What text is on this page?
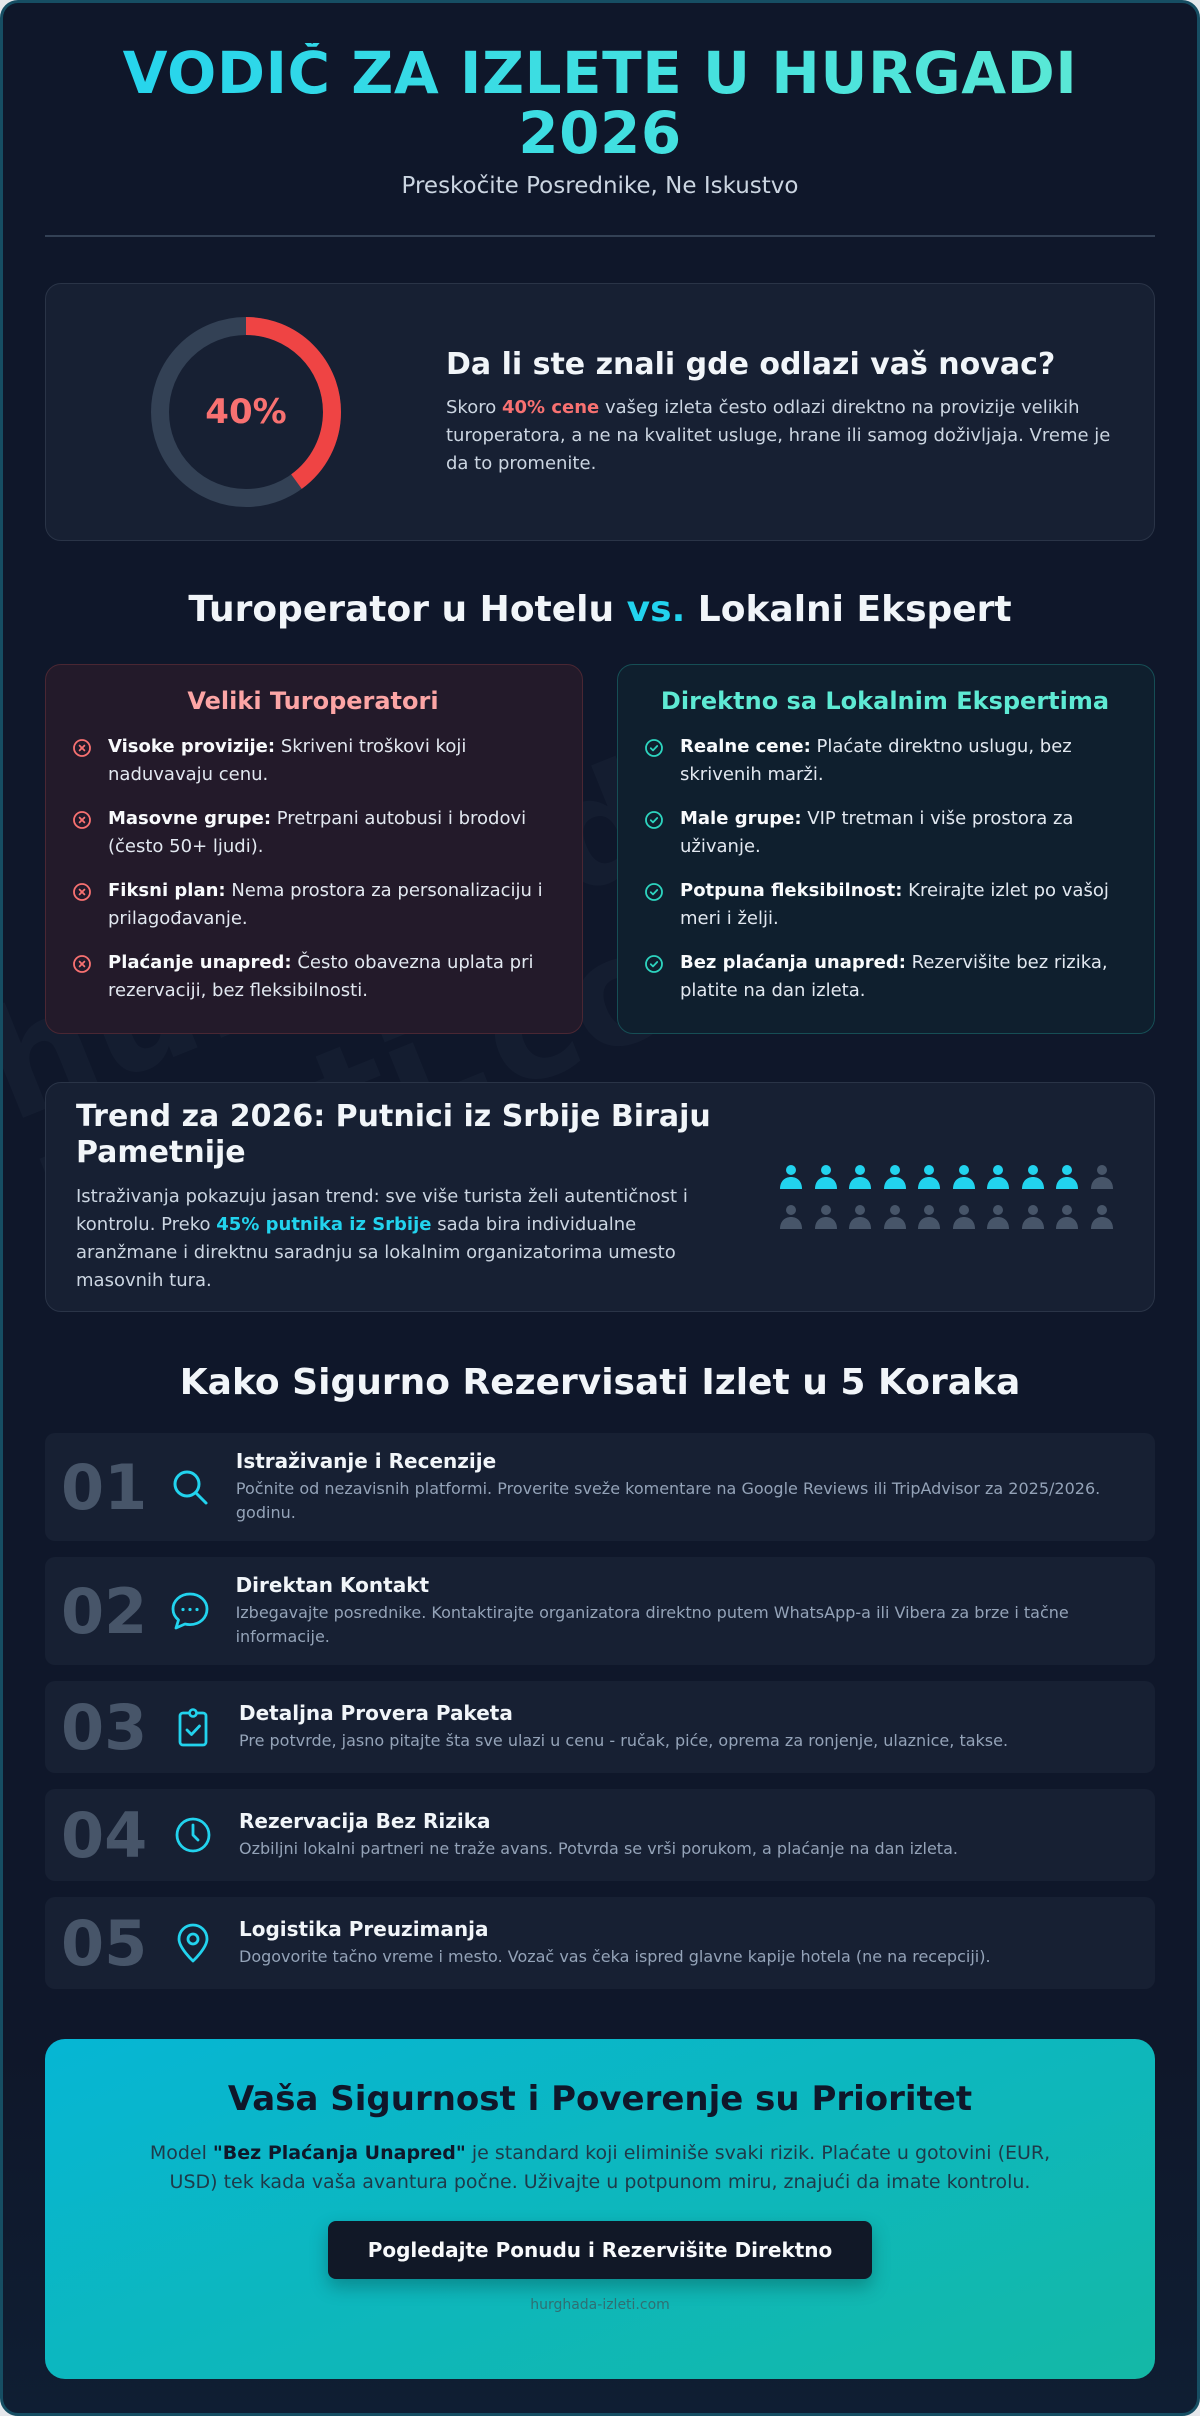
VODIČ ZA IZLETE U HURGADI
2026
Preskočite Posrednike, Ne Iskustvo
40%
Da li ste znali gde odlazi vaš novac?
Skoro 40% cene vašeg izleta često odlazi direktno na provizije velikih turoperatora, a ne na kvalitet usluge, hrane ili samog doživljaja. Vreme je da to promenite.
Turoperator u Hotelu vs. Lokalni Ekspert
Veliki Turoperatori
Visoke provizije: Skriveni troškovi koji naduvavaju cenu.
Masovne grupe: Pretrpani autobusi i brodovi (često 50+ ljudi).
Fiksni plan: Nema prostora za personalizaciju i prilagođavanje.
Plaćanje unapred: Često obavezna uplata pri rezervaciji, bez fleksibilnosti.
Direktno sa Lokalnim Ekspertima
Realne cene: Plaćate direktno uslugu, bez skrivenih marži.
Male grupe: VIP tretman i više prostora za uživanje.
Potpuna fleksibilnost: Kreirajte izlet po vašoj meri i želji.
Bez plaćanja unapred: Rezervišite bez rizika, platite na dan izleta.
Trend za 2026: Putnici iz Srbije Biraju Pametnije
Istraživanja pokazuju jasan trend: sve više turista želi autentičnost i kontrolu. Preko 45% putnika iz Srbije sada bira individualne aranžmane i direktnu saradnju sa lokalnim organizatorima umesto masovnih tura.
Kako Sigurno Rezervisati Izlet u 5 Koraka
01	Istraživanje i Recenzije
Počnite od nezavisnih platformi. Proverite sveže komentare na Google Reviews ili TripAdvisor za 2025/2026. godinu.
02	Direktan Kontakt
Izbegavajte posrednike. Kontaktirajte organizatora direktno putem WhatsApp-a ili Vibera za brze i tačne informacije.
03	Detaljna Provera Paketa
Pre potvrde, jasno pitajte šta sve ulazi u cenu - ručak, piće, oprema za ronjenje, ulaznice, takse.
04	Rezervacija Bez Rizika
Ozbiljni lokalni partneri ne traže avans. Potvrda se vrši porukom, a plaćanje na dan izleta.
05	Logistika Preuzimanja
Dogovorite tačno vreme i mesto. Vozač vas čeka ispred glavne kapije hotela (ne na recepciji).
Vaša Sigurnost i Poverenje su Prioritet
Model "Bez Plaćanja Unapred" je standard koji eliminiše svaki rizik. Plaćate u gotovini (EUR, USD) tek kada vaša avantura počne. Uživajte u potpunom miru, znajući da imate kontrolu.
Pogledajte Ponudu i Rezervišite Direktno
hurghada-izleti.com
